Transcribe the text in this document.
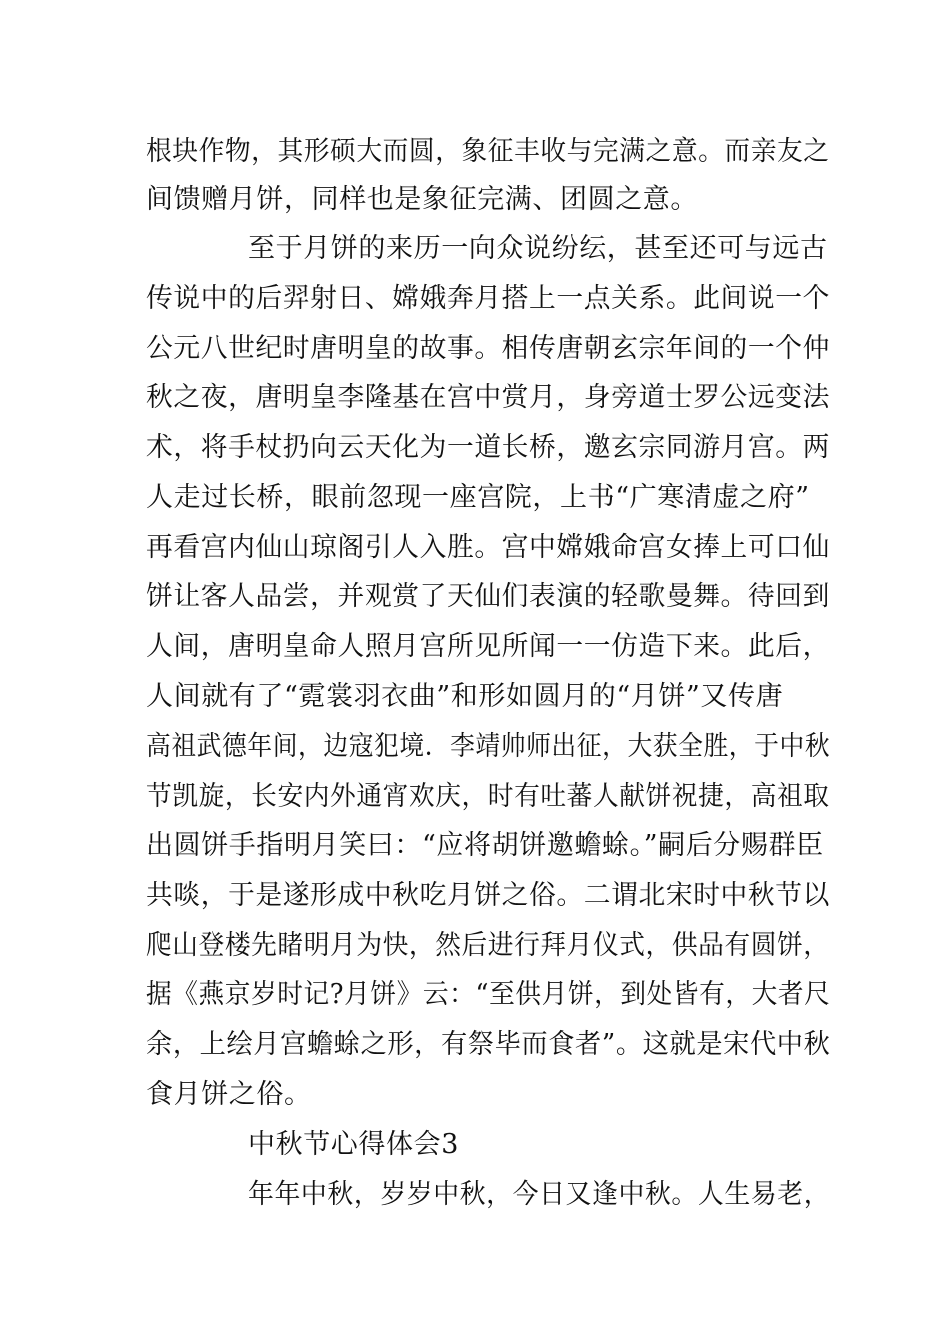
根块作物，其形硕大而圆，象征丰收与完满之意。而亲友之
间馈赠月饼，同样也是象征完满、团圆之意。
至于月饼的来历一向众说纷纭，甚至还可与远古
传说中的后羿射日、嫦娥奔月搭上一点关系。此间说一个
公元八世纪时唐明皇的故事。相传唐朝玄宗年间的一个仲
秋之夜，唐明皇李隆基在宫中赏月，身旁道士罗公远变法
术，将手杖扔向云天化为一道长桥，邀玄宗同游月宫。两
人走过长桥，眼前忽现一座宫院，上书“广寒清虚之府”
再看宫内仙山琼阁引人入胜。宫中嫦娥命宫女捧上可口仙
饼让客人品尝，并观赏了天仙们表演的轻歌曼舞。待回到
人间，唐明皇命人照月宫所见所闻一一仿造下来。此后，
人间就有了“霓裳羽衣曲”和形如圆月的“月饼”又传唐
高祖武德年间，边寇犯境．李靖帅师出征，大获全胜，于中秋
节凯旋，长安内外通宵欢庆，时有吐蕃人献饼祝捷，高祖取
出圆饼手指明月笑曰：“应将胡饼邀蟾蜍。”嗣后分赐群臣
共啖，于是遂形成中秋吃月饼之俗。二谓北宋时中秋节以
爬山登楼先睹明月为快，然后进行拜月仪式，供品有圆饼，
据《燕京岁时记?月饼》云：“至供月饼，到处皆有，大者尺
余，上绘月宫蟾蜍之形，有祭毕而食者”。这就是宋代中秋
食月饼之俗。
中秋节心得体会3
年年中秋，岁岁中秋，今日又逢中秋。人生易老，
